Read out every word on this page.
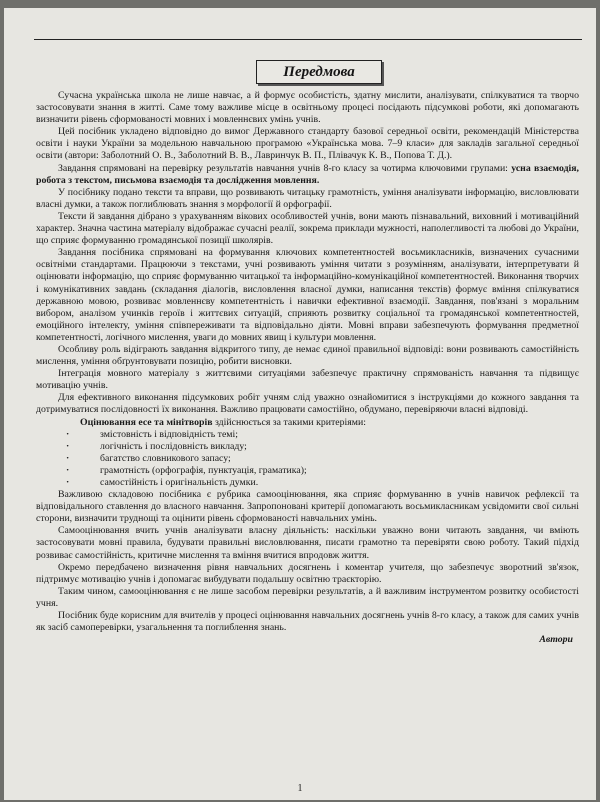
Передмова

Сучасна українська школа не лише навчає, а й формує особистість, здатну мислити, аналізувати, спілкуватися та творчо застосовувати знання в житті. Саме тому важливе місце в освітньому процесі посідають підсумкові роботи, які допомагають визначити рівень сформованості мовних і мовленнєвих умінь учнів.

Цей посібник укладено відповідно до вимог Державного стандарту базової середньої освіти, рекомендацій Міністерства освіти і науки України за модельною навчальною програмою «Українська мова. 7–9 класи» для закладів загальної середньої освіти (автори: Заболотний О. В., Заболотний В. В., Лавринчук В. П., Плівачук К. В., Попова Т. Д.).

Завдання спрямовані на перевірку результатів навчання учнів 8-го класу за чотирма ключовими групами: усна взаємодія, робота з текстом, письмова взаємодія та дослідження мовлення.

У посібнику подано тексти та вправи, що розвивають читацьку грамотність, уміння аналізувати інформацію, висловлювати власні думки, а також поглиблювать знання з морфології й орфографії.

Тексти й завдання дібрано з урахуванням вікових особливостей учнів, вони мають пізнавальний, виховний і мотиваційний характер. Значна частина матеріалу відображає сучасні реалії, зокрема приклади мужності, наполегливості та любові до України, що сприяє формуванню громадянської позиції школярів.

Завдання посібника спрямовані на формування ключових компетентностей восьмикласників, визначених сучасними освітніми стандартами. Працюючи з текстами, учні розвивають уміння читати з розумінням, аналізувати, інтерпретувати й оцінювати інформацію, що сприяє формуванню читацької та інформаційно-комунікаційної компетентностей. Виконання творчих і комунікативних завдань (складання діалогів, висловлення власної думки, написання текстів) формує вміння спілкуватися державною мовою, розвиває мовленнєву компетентність і навички ефективної взаємодії. Завдання, пов'язані з моральним вибором, аналізом учинків героїв і життєвих ситуацій, сприяють розвитку соціальної та громадянської компетентностей, емоційного інтелекту, уміння співпереживати та відповідально діяти. Мовні вправи забезпечують формування предметної компетентності, логічного мислення, уваги до мовних явищ і культури мовлення.

Особливу роль відіграють завдання відкритого типу, де немає єдиної правильної відповіді: вони розвивають самостійність мислення, уміння обґрунтовувати позицію, робити висновки.

Інтеграція мовного матеріалу з життєвими ситуаціями забезпечує практичну спрямованість навчання та підвищує мотивацію учнів.

Для ефективного виконання підсумкових робіт учням слід уважно ознайомитися з інструкціями до кожного завдання та дотримуватися послідовності їх виконання. Важливо працювати самостійно, обдумано, перевіряючи власні відповіді.

Оцінювання есе та мінітворів здійснюється за такими критеріями:

· змістовність і відповідність темі;
· логічність і послідовність викладу;
· багатство словникового запасу;
· грамотність (орфографія, пунктуація, граматика);
· самостійність і оригінальність думки.

Важливою складовою посібника є рубрика самооцінювання, яка сприяє формуванню в учнів навичок рефлексії та відповідального ставлення до власного навчання. Запропоновані критерії допомагають восьмикласникам усвідомити свої сильні сторони, визначити труднощі та оцінити рівень сформованості навчальних умінь.

Самооцінювання вчить учнів аналізувати власну діяльність: наскільки уважно вони читають завдання, чи вміють застосовувати мовні правила, будувати правильні висловлювання, писати грамотно та перевіряти свою роботу. Такий підхід розвиває самостійність, критичне мислення та вміння вчитися впродовж життя.

Окремо передбачено визначення рівня навчальних досягнень і коментар учителя, що забезпечує зворотний зв'язок, підтримує мотивацію учнів і допомагає вибудувати подальшу освітню траєкторію.

Таким чином, самооцінювання є не лише засобом перевірки результатів, а й важливим інструментом розвитку особистості учня.

Посібник буде корисним для вчителів у процесі оцінювання навчальних досягнень учнів 8-го класу, а також для самих учнів як засіб самоперевірки, узагальнення та поглиблення знань.

Автори

1
